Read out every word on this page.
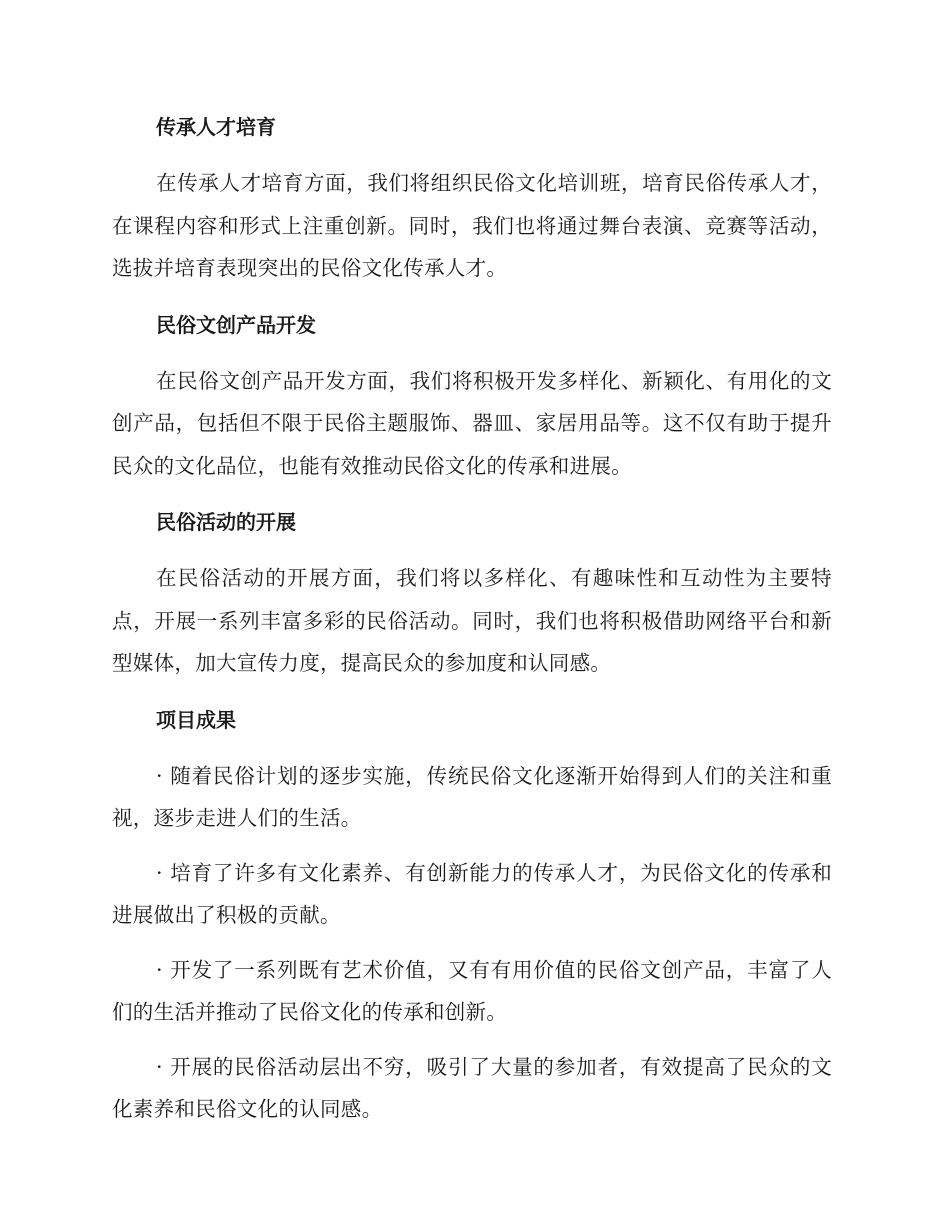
传承人才培育

在传承人才培育方面，我们将组织民俗文化培训班，培育民俗传承人才，在课程内容和形式上注重创新。同时，我们也将通过舞台表演、竞赛等活动，选拔并培育表现突出的民俗文化传承人才。

民俗文创产品开发

在民俗文创产品开发方面，我们将积极开发多样化、新颖化、有用化的文创产品，包括但不限于民俗主题服饰、器皿、家居用品等。这不仅有助于提升民众的文化品位，也能有效推动民俗文化的传承和进展。

民俗活动的开展

在民俗活动的开展方面，我们将以多样化、有趣味性和互动性为主要特点，开展一系列丰富多彩的民俗活动。同时，我们也将积极借助网络平台和新型媒体，加大宣传力度，提高民众的参加度和认同感。

项目成果

· 随着民俗计划的逐步实施，传统民俗文化逐渐开始得到人们的关注和重视，逐步走进人们的生活。

· 培育了许多有文化素养、有创新能力的传承人才，为民俗文化的传承和进展做出了积极的贡献。

· 开发了一系列既有艺术价值，又有有用价值的民俗文创产品，丰富了人们的生活并推动了民俗文化的传承和创新。

· 开展的民俗活动层出不穷，吸引了大量的参加者，有效提高了民众的文化素养和民俗文化的认同感。
